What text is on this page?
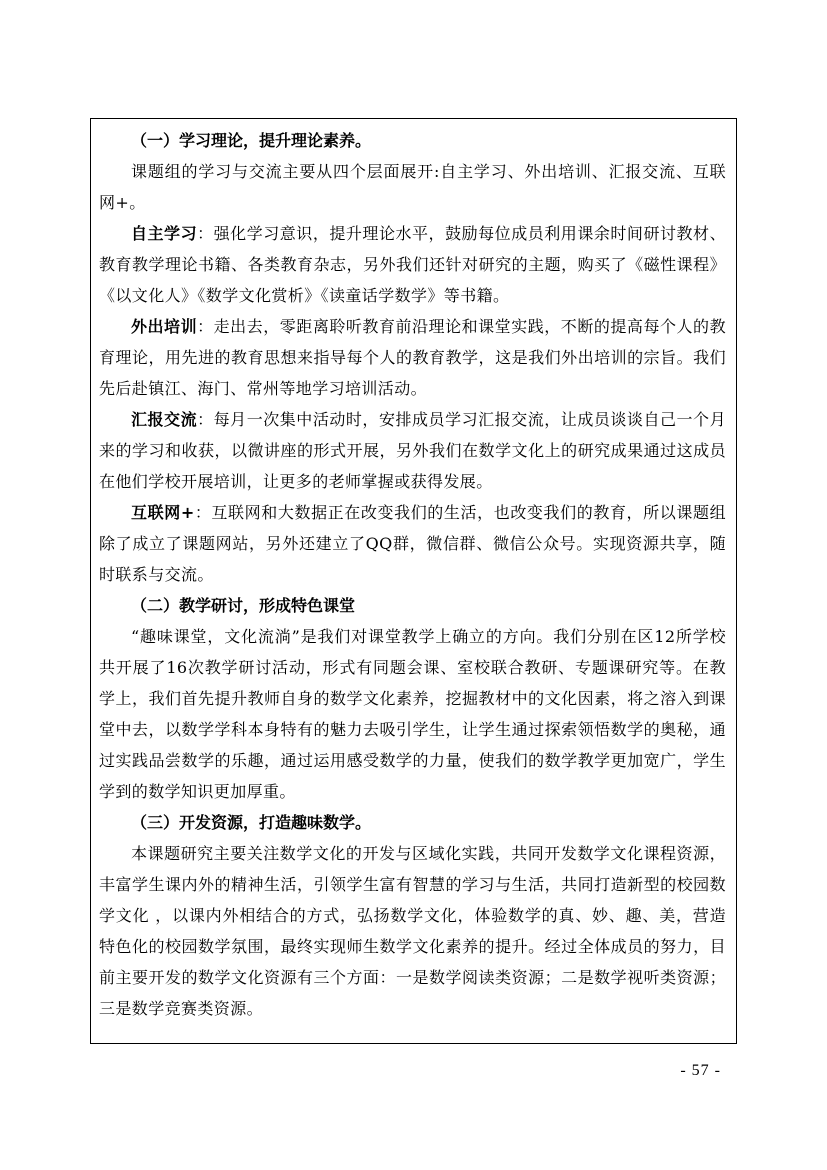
（一）学习理论，提升理论素养。

课题组的学习与交流主要从四个层面展开:自主学习、外出培训、汇报交流、互联网+。

自主学习：强化学习意识，提升理论水平，鼓励每位成员利用课余时间研讨教材、教育教学理论书籍、各类教育杂志，另外我们还针对研究的主题，购买了《磁性课程》《以文化人》《数学文化赏析》《读童话学数学》等书籍。

外出培训：走出去，零距离聆听教育前沿理论和课堂实践，不断的提高每个人的教育理论，用先进的教育思想来指导每个人的教育教学，这是我们外出培训的宗旨。我们先后赴镇江、海门、常州等地学习培训活动。

汇报交流：每月一次集中活动时，安排成员学习汇报交流，让成员谈谈自己一个月来的学习和收获，以微讲座的形式开展，另外我们在数学文化上的研究成果通过这成员在他们学校开展培训，让更多的老师掌握或获得发展。

互联网+：互联网和大数据正在改变我们的生活，也改变我们的教育，所以课题组除了成立了课题网站，另外还建立了QQ群，微信群、微信公众号。实现资源共享，随时联系与交流。

（二）教学研讨，形成特色课堂

“趣味课堂，文化流淌”是我们对课堂教学上确立的方向。我们分别在区12所学校共开展了16次教学研讨活动，形式有同题会课、室校联合教研、专题课研究等。在教学上，我们首先提升教师自身的数学文化素养，挖掘教材中的文化因素，将之溶入到课堂中去，以数学学科本身特有的魅力去吸引学生，让学生通过探索领悟数学的奥秘，通过实践品尝数学的乐趣，通过运用感受数学的力量，使我们的数学教学更加宽广，学生学到的数学知识更加厚重。

（三）开发资源，打造趣味数学。

本课题研究主要关注数学文化的开发与区域化实践，共同开发数学文化课程资源，丰富学生课内外的精神生活，引领学生富有智慧的学习与生活，共同打造新型的校园数学文化 ，以课内外相结合的方式，弘扬数学文化，体验数学的真、妙、趣、美，营造特色化的校园数学氛围，最终实现师生数学文化素养的提升。经过全体成员的努力，目前主要开发的数学文化资源有三个方面：一是数学阅读类资源；二是数学视听类资源；三是数学竞赛类资源。

- 57 -
